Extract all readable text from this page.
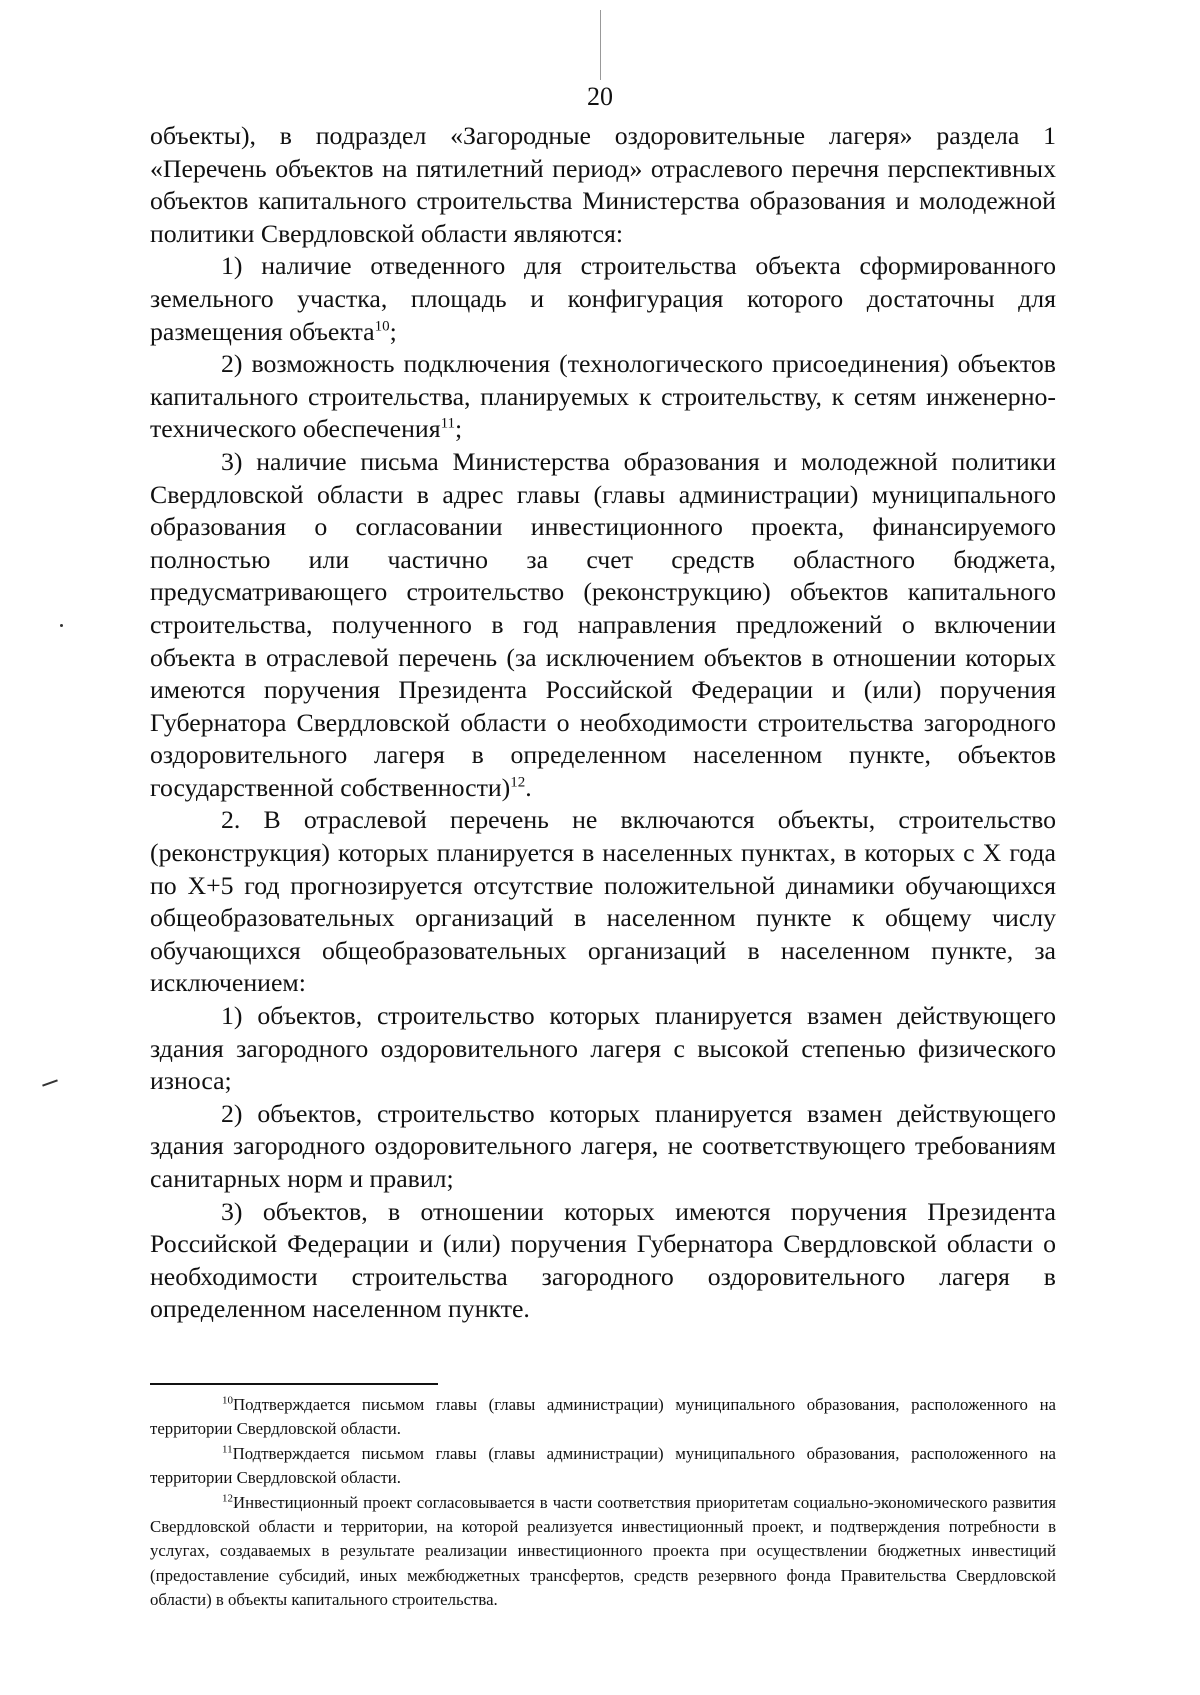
20

объекты), в подраздел «Загородные оздоровительные лагеря» раздела 1 «Перечень объектов на пятилетний период» отраслевого перечня перспективных объектов капитального строительства Министерства образования и молодежной политики Свердловской области являются:

1) наличие отведенного для строительства объекта сформированного земельного участка, площадь и конфигурация которого достаточны для размещения объекта$^{10}$;

2) возможность подключения (технологического присоединения) объектов капитального строительства, планируемых к строительству, к сетям инженерно-технического обеспечения$^{11}$;

3) наличие письма Министерства образования и молодежной политики Свердловской области в адрес главы (главы администрации) муниципального образования о согласовании инвестиционного проекта, финансируемого полностью или частично за счет средств областного бюджета, предусматривающего строительство (реконструкцию) объектов капитального строительства, полученного в год направления предложений о включении объекта в отраслевой перечень (за исключением объектов в отношении которых имеются поручения Президента Российской Федерации и (или) поручения Губернатора Свердловской области о необходимости строительства загородного оздоровительного лагеря в определенном населенном пункте, объектов государственной собственности)$^{12}$.

2. В отраслевой перечень не включаются объекты, строительство (реконструкция) которых планируется в населенных пунктах, в которых с X года по X+5 год прогнозируется отсутствие положительной динамики обучающихся общеобразовательных организаций в населенном пункте к общему числу обучающихся общеобразовательных организаций в населенном пункте, за исключением:

1) объектов, строительство которых планируется взамен действующего здания загородного оздоровительного лагеря с высокой степенью физического износа;

2) объектов, строительство которых планируется взамен действующего здания загородного оздоровительного лагеря, не соответствующего требованиям санитарных норм и правил;

3) объектов, в отношении которых имеются поручения Президента Российской Федерации и (или) поручения Губернатора Свердловской области о необходимости строительства загородного оздоровительного лагеря в определенном населенном пункте.

$^{10}$Подтверждается письмом главы (главы администрации) муниципального образования, расположенного на территории Свердловской области.

$^{11}$Подтверждается письмом главы (главы администрации) муниципального образования, расположенного на территории Свердловской области.

$^{12}$Инвестиционный проект согласовывается в части соответствия приоритетам социально-экономического развития Свердловской области и территории, на которой реализуется инвестиционный проект, и подтверждения потребности в услугах, создаваемых в результате реализации инвестиционного проекта при осуществлении бюджетных инвестиций (предоставление субсидий, иных межбюджетных трансфертов, средств резервного фонда Правительства Свердловской области) в объекты капитального строительства.
